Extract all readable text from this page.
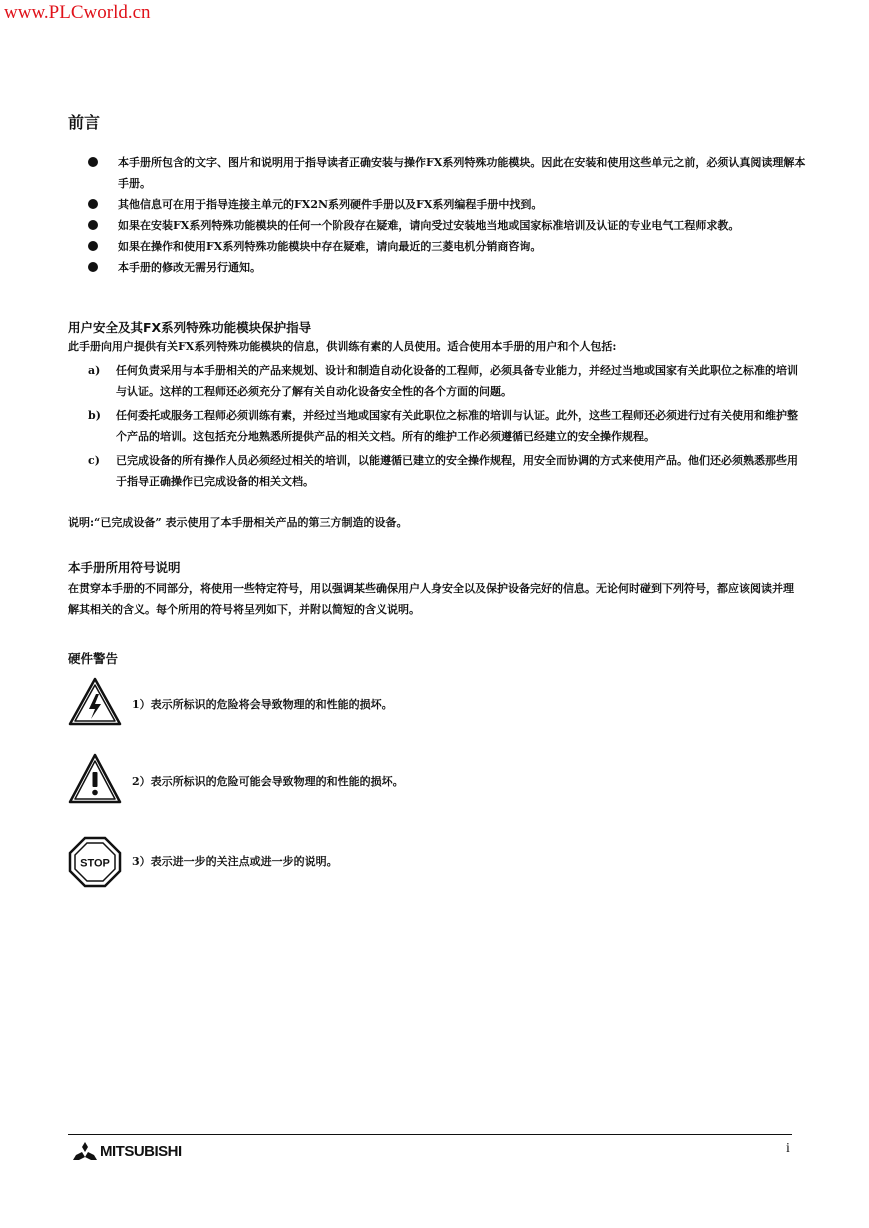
www.PLCworld.cn
前言
本手册所包含的文字、图片和说明用于指导读者正确安装与操作FX系列特殊功能模块。因此在安装和使用这些单元之前，必须认真阅读理解本手册。
其他信息可在用于指导连接主单元的FX2N系列硬件手册以及FX系列编程手册中找到。
如果在安装FX系列特殊功能模块的任何一个阶段存在疑难，请向受过安装地当地或国家标准培训及认证的专业电气工程师求教。
如果在操作和使用FX系列特殊功能模块中存在疑难，请向最近的三菱电机分销商咨询。
本手册的修改无需另行通知。
用户安全及其FX系列特殊功能模块保护指导

此手册向用户提供有关FX系列特殊功能模块的信息，供训练有素的人员使用。适合使用本手册的用户和个人包括:

a) 任何负责采用与本手册相关的产品来规划、设计和制造自动化设备的工程师，必须具备专业能力，并经过当地或国家有关此职位之标准的培训与认证。这样的工程师还必须充分了解有关自动化设备安全性的各个方面的问题。
b) 任何委托或服务工程师必须训练有素，并经过当地或国家有关此职位之标准的培训与认证。此外，这些工程师还必须进行过有关使用和维护整个产品的培训。这包括充分地熟悉所提供产品的相关文档。所有的维护工作必须遵循已经建立的安全操作规程。
c) 已完成设备的所有操作人员必须经过相关的培训，以能遵循已建立的安全操作规程，用安全而协调的方式来使用产品。他们还必须熟悉那些用于指导正确操作已完成设备的相关文档。

说明:“已完成设备” 表示使用了本手册相关产品的第三方制造的设备。

本手册所用符号说明

在贯穿本手册的不同部分，将使用一些特定符号，用以强调某些确保用户人身安全以及保护设备完好的信息。无论何时碰到下列符号，都应该阅读并理解其相关的含义。每个所用的符号将呈列如下，并附以简短的含义说明。

硬件警告
1）表示所标识的危险将会导致物理的和性能的损坏。
2）表示所标识的危险可能会导致物理的和性能的损坏。
STOP 3）表示进一步的关注点或进一步的说明。
MITSUBISHI	i
